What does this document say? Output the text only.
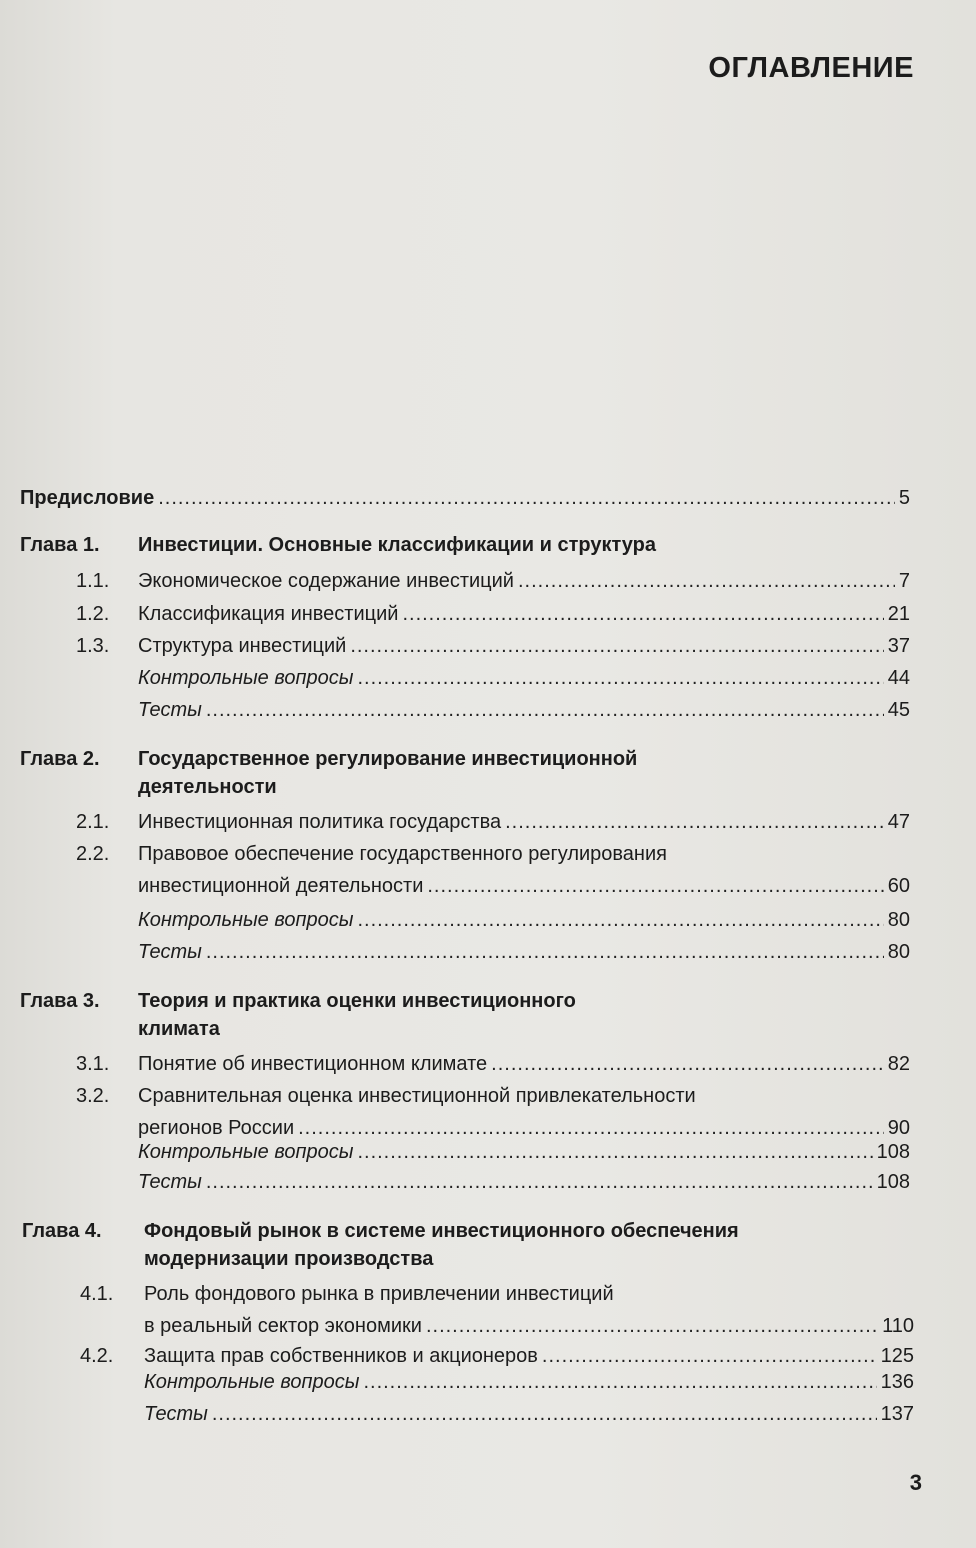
ОГЛАВЛЕНИЕ
Предисловие .....	5
Глава 1. Инвестиции. Основные классификации и структура
1.1.	Экономическое содержание инвестиций .....	7
1.2.	Классификация инвестиций .....	21
1.3.	Структура инвестиций .....	37
Контрольные вопросы .....	44
Тесты .....	45
Глава 2. Государственное регулирование инвестиционной
деятельности
2.1.	Инвестиционная политика государства .....	47
2.2.	Правовое обеспечение государственного регулирования
инвестиционной деятельности .....	60
Контрольные вопросы .....	80
Тесты .....	80
Глава 3. Теория и практика оценки инвестиционного
климата
3.1.	Понятие об инвестиционном климате .....	82
3.2.	Сравнительная оценка инвестиционной привлекательности
регионов России .....	90
Контрольные вопросы .....	108
Тесты .....	108
Глава 4. Фондовый рынок в системе инвестиционного обеспечения
модернизации производства
4.1.	Роль фондового рынка в привлечении инвестиций
в реальный сектор экономики .....	110
4.2.	Защита прав собственников и акционеров .....	125
Контрольные вопросы .....	136
Тесты .....	137
3
